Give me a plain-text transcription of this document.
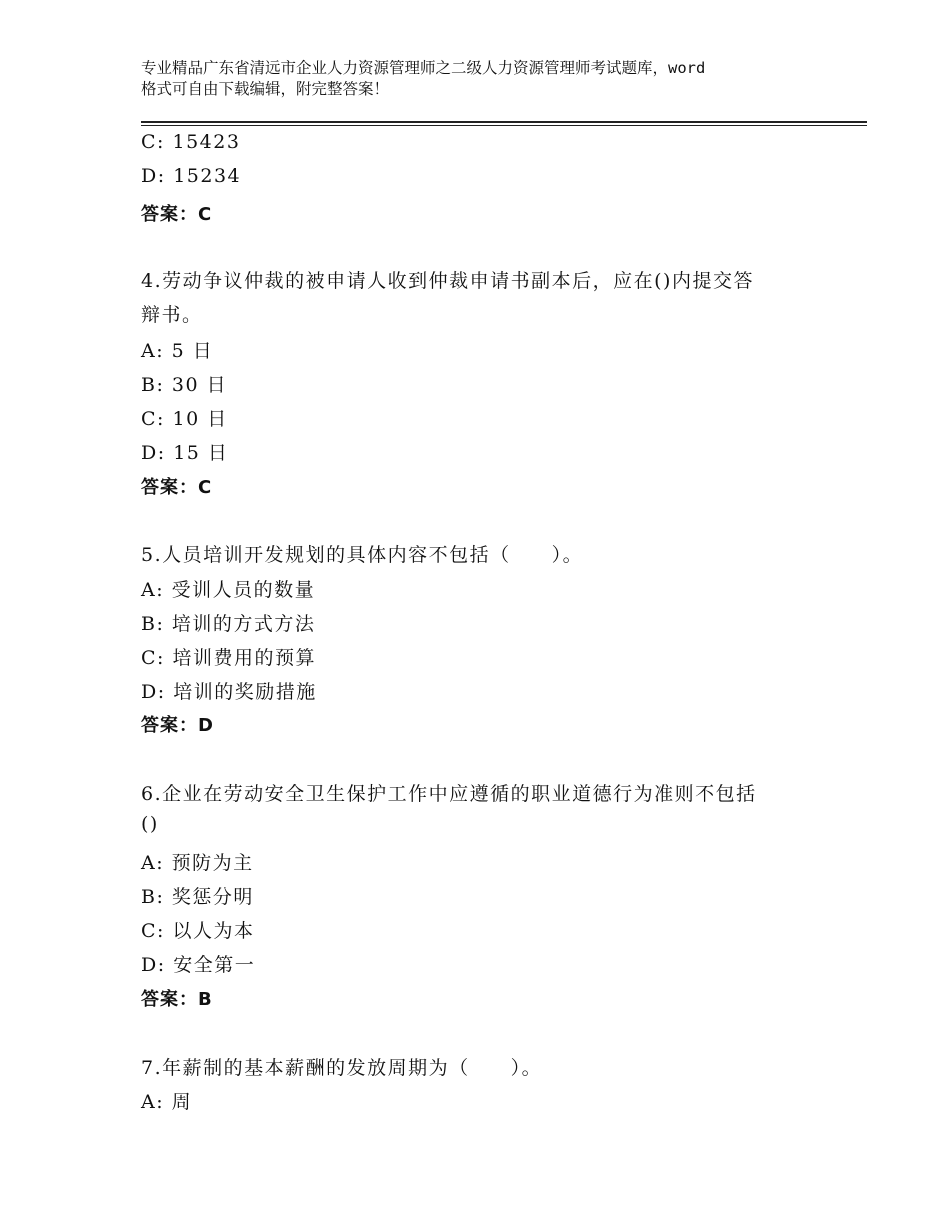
专业精品广东省清远市企业人力资源管理师之二级人力资源管理师考试题库，word
格式可自由下载编辑，附完整答案！
C: 15423
D: 15234
答案：C
4.劳动争议仲裁的被申请人收到仲裁申请书副本后，应在()内提交答
辩书。
A: 5 日
B: 30 日
C: 10 日
D: 15 日
答案：C
5.人员培训开发规划的具体内容不包括（　　）。
A: 受训人员的数量
B: 培训的方式方法
C: 培训费用的预算
D: 培训的奖励措施
答案：D
6.企业在劳动安全卫生保护工作中应遵循的职业道德行为准则不包括
()
A: 预防为主
B: 奖惩分明
C: 以人为本
D: 安全第一
答案：B
7.年薪制的基本薪酬的发放周期为（　　）。
A: 周
